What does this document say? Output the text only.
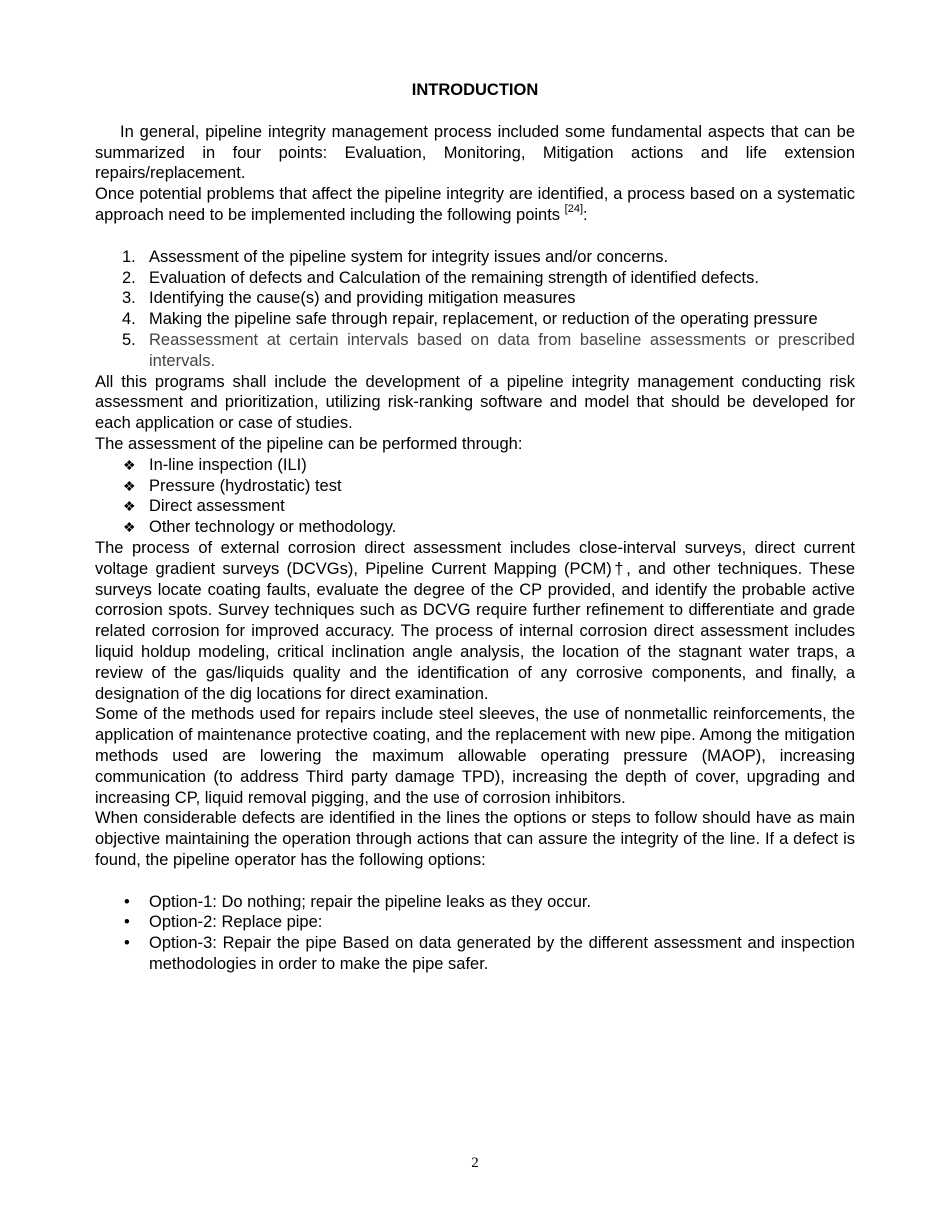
INTRODUCTION

In general, pipeline integrity management process included some fundamental aspects that can be summarized in four points: Evaluation, Monitoring, Mitigation actions and life extension repairs/replacement.

Once potential problems that affect the pipeline integrity are identified, a process based on a systematic approach need to be implemented including the following points [24]:

1. Assessment of the pipeline system for integrity issues and/or concerns.
2. Evaluation of defects and Calculation of the remaining strength of identified defects.
3. Identifying the cause(s) and providing mitigation measures
4. Making the pipeline safe through repair, replacement, or reduction of the operating pressure
5. Reassessment at certain intervals based on data from baseline assessments or prescribed intervals.

All this programs shall include the development of a pipeline integrity management conducting risk assessment and prioritization, utilizing risk-ranking software and model that should be developed for each application or case of studies.

The assessment of the pipeline can be performed through:

❖ In-line inspection (ILI)
❖ Pressure (hydrostatic) test
❖ Direct assessment
❖ Other technology or methodology.

The process of external corrosion direct assessment includes close-interval surveys, direct current voltage gradient surveys (DCVGs), Pipeline Current Mapping (PCM)†, and other techniques. These surveys locate coating faults, evaluate the degree of the CP provided, and identify the probable active corrosion spots. Survey techniques such as DCVG require further refinement to differentiate and grade related corrosion for improved accuracy. The process of internal corrosion direct assessment includes liquid holdup modeling, critical inclination angle analysis, the location of the stagnant water traps, a review of the gas/liquids quality and the identification of any corrosive components, and finally, a designation of the dig locations for direct examination.

Some of the methods used for repairs include steel sleeves, the use of nonmetallic reinforcements, the application of maintenance protective coating, and the replacement with new pipe. Among the mitigation methods used are lowering the maximum allowable operating pressure (MAOP), increasing communication (to address Third party damage TPD), increasing the depth of cover, upgrading and increasing CP, liquid removal pigging, and the use of corrosion inhibitors.

When considerable defects are identified in the lines the options or steps to follow should have as main objective maintaining the operation through actions that can assure the integrity of the line. If a defect is found, the pipeline operator has the following options:

• Option-1: Do nothing; repair the pipeline leaks as they occur.
• Option-2: Replace pipe:
• Option-3: Repair the pipe Based on data generated by the different assessment and inspection methodologies in order to make the pipe safer.
2
